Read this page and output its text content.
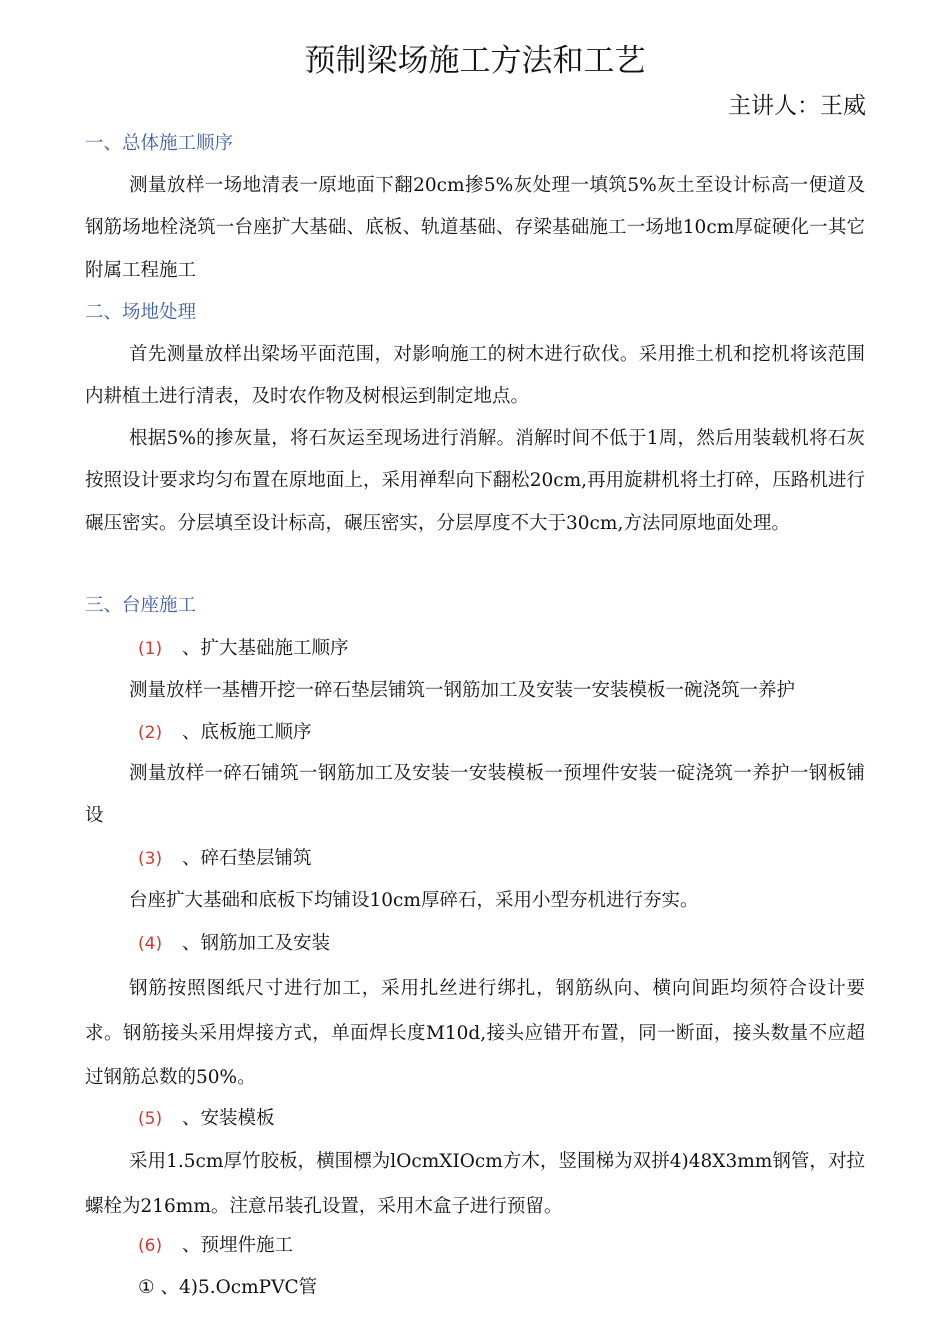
预制梁场施工方法和工艺
主讲人：王威
一、总体施工顺序
测量放样一场地清表一原地面下翻20cm掺5%灰处理一填筑5%灰土至设计标高一便道及钢筋场地栓浇筑一台座扩大基础、底板、轨道基础、存梁基础施工一场地10cm厚碇硬化一其它附属工程施工
二、场地处理
首先测量放样出梁场平面范围，对影响施工的树木进行砍伐。采用推土机和挖机将该范围内耕植土进行清表，及时农作物及树根运到制定地点。
根据5%的掺灰量，将石灰运至现场进行消解。消解时间不低于1周，然后用装载机将石灰按照设计要求均匀布置在原地面上，采用禅犁向下翻松20cm,再用旋耕机将土打碎，压路机进行碾压密实。分层填至设计标高，碾压密实，分层厚度不大于30cm,方法同原地面处理。
三、台座施工
(1) 、扩大基础施工顺序
测量放样一基槽开挖一碎石垫层铺筑一钢筋加工及安装一安装模板一碗浇筑一养护
(2) 、底板施工顺序
测量放样一碎石铺筑一钢筋加工及安装一安装模板一预埋件安装一碇浇筑一养护一钢板铺设
(3) 、碎石垫层铺筑
台座扩大基础和底板下均铺设10cm厚碎石，采用小型夯机进行夯实。
(4) 、钢筋加工及安装
钢筋按照图纸尺寸进行加工，采用扎丝进行绑扎，钢筋纵向、横向间距均须符合设计要求。钢筋接头采用焊接方式，单面焊长度M10d,接头应错开布置，同一断面，接头数量不应超过钢筋总数的50%。
(5) 、安装模板
采用1.5cm厚竹胶板，横围標为lOcmXIOcm方木，竖围梯为双拼4)48X3mm钢管，对拉螺栓为216mm。注意吊装孔设置，采用木盒子进行预留。
(6) 、预埋件施工
① 、4)5.OcmPVC管
